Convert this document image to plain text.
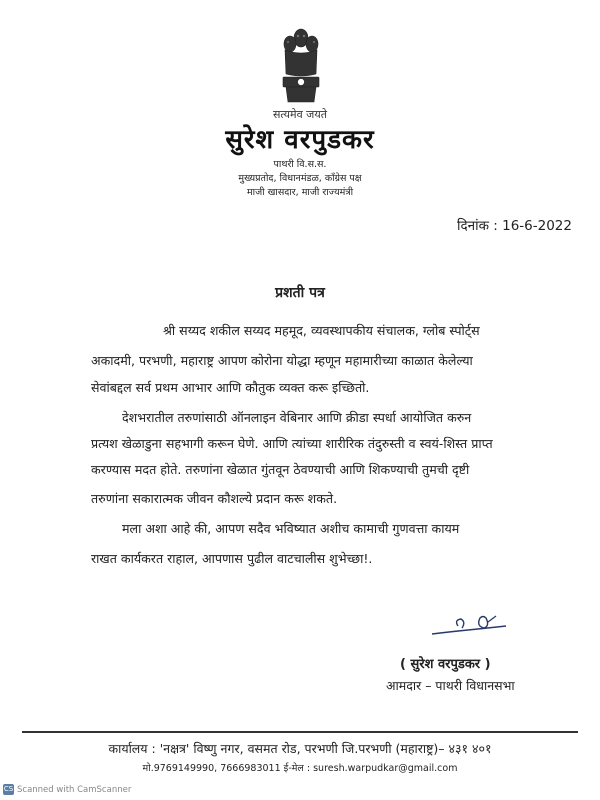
सत्यमेव जयते
सुरेश वरपुडकर
पाथरी वि.स.स.
मुख्यप्रतोद, विधानमंडळ, कॉंग्रेस पक्ष
माजी खासदार, माजी राज्यमंत्री
दिनांक : 16-6-2022
प्रशती पत्र
श्री सय्यद शकील सय्यद महमूद, व्यवस्थापकीय संचालक, ग्लोब स्पोर्ट्स
अकादमी, परभणी, महाराष्ट्र आपण कोरोना योद्धा म्हणून महामारीच्या काळात केलेल्या
सेवांबद्दल सर्व प्रथम आभार आणि कौतुक व्यक्त करू इच्छितो.
देशभरातील तरुणांसाठी ऑनलाइन वेबिनार आणि क्रीडा स्पर्धा आयोजित करुन
प्रत्यश खेळाडुना सहभागी करून घेणे. आणि त्यांच्या शारीरिक तंदुरुस्ती व स्वयं-शिस्त प्राप्त
करण्यास मदत होते. तरुणांना खेळात गुंतवून ठेवण्याची आणि शिकण्याची तुमची दृष्टी
तरुणांना सकारात्मक जीवन कौशल्ये प्रदान करू शकते.
मला अशा आहे की, आपण सदैव भविष्यात अशीच कामाची गुणवत्ता कायम
राखत कार्यकरत राहाल, आपणास पुढील वाटचालीस शुभेच्छा!.
( सुरेश वरपुडकर )
आमदार – पाथरी विधानसभा
कार्यालय : 'नक्षत्र' विष्णु नगर, वसमत रोड, परभणी जि.परभणी (महाराष्ट्र)– ४३१ ४०१
मो.9769149990, 7666983011 ई-मेल : suresh.warpudkar@gmail.com
CS Scanned with CamScanner
